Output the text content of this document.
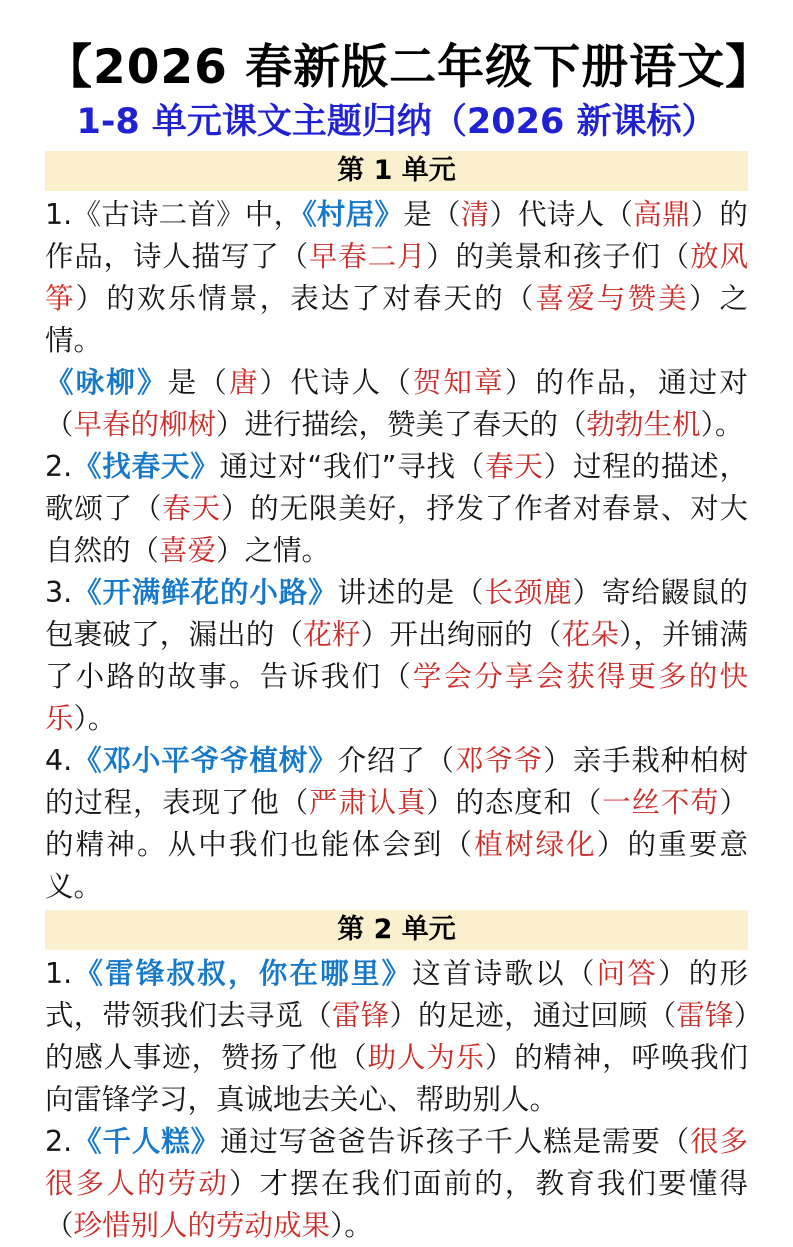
【2026 春新版二年级下册语文】
1-8 单元课文主题归纳（2026 新课标）
第 1 单元

1.《古诗二首》中，《村居》是（清）代诗人（高鼎）的作品，诗人描写了（早春二月）的美景和孩子们（放风筝）的欢乐情景，表达了对春天的（喜爱与赞美）之情。

《咏柳》是（唐）代诗人（贺知章）的作品，通过对（早春的柳树）进行描绘，赞美了春天的（勃勃生机）。

2.《找春天》通过对“我们”寻找（春天）过程的描述，歌颂了（春天）的无限美好，抒发了作者对春景、对大自然的（喜爱）之情。

3.《开满鲜花的小路》讲述的是（长颈鹿）寄给鼹鼠的包裹破了，漏出的（花籽）开出绚丽的（花朵），并铺满了小路的故事。告诉我们（学会分享会获得更多的快乐）。

4.《邓小平爷爷植树》介绍了（邓爷爷）亲手栽种柏树的过程，表现了他（严肃认真）的态度和（一丝不苟）的精神。从中我们也能体会到（植树绿化）的重要意义。

第 2 单元

1.《雷锋叔叔，你在哪里》这首诗歌以（问答）的形式，带领我们去寻觅（雷锋）的足迹，通过回顾（雷锋）的感人事迹，赞扬了他（助人为乐）的精神，呼唤我们向雷锋学习，真诚地去关心、帮助别人。

2.《千人糕》通过写爸爸告诉孩子千人糕是需要（很多很多人的劳动）才摆在我们面前的，教育我们要懂得（珍惜别人的劳动成果）。
